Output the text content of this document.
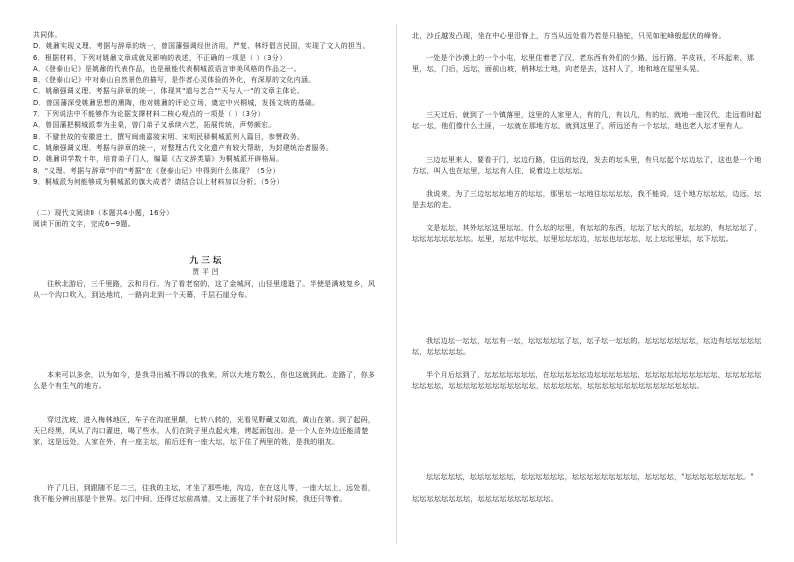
共同体。
D．姚鼐实现义理、考据与辞章的统一，曾国藩强调经世济用，严复、林纾倡言民国，实现了文人的担当。
6．根据材料，下列对姚鼐文章成就及影响的表述，不正确的一项是（ ）（3分）
A．《登泰山记》是姚鼐的代表作品，也是最能代表桐城派语言审美风格的作品之一。
B．《登泰山记》中对泰山自然景色的描写，是作者心灵体验的外化，有深厚的文化内涵。
C．姚鼐强调义理、考据与辞章的统一，体现其"道与艺合""天与人一"的文章主体论。
D．曾国藩深受姚鼐思想的熏陶，他对姚鼐的评论立场，奠定中兴桐城，发扬文统的基础。
7．下列说法中不能够作为论据支撑材料二核心观点的一项是（ ）（3分）
A．曾国藩把桐城派奉为圭臬，曾门弟子又承续六艺，拓展传统，声势颇宏。
B．不避世故的安徽进士，撰写闽南嘉陵宋明、宋明民驿桐城派列入篇目，参赞政务。
C．姚鼐强调义理、考据与辞章的统一，对整理古代文化遗产有较大帮助，为封建统治者服务。
D．姚鼐讲学数十年，培育弟子门人，编纂《古文辞类纂》为桐城派开辟格局。
8．"义理、考据与辞章"中的"考据"在《登泰山记》中得到什么体现？（5分）
9．桐城派为何能够成为桐城派的旗大成者？请结合以上材料加以分析。（5分）
（二）现代文阅读Ⅱ（本题共4小题，16分）
阅读下面的文字，完成6~9题。
九三坛
贾平凹
往秋北游后，三千里路，云和月行。为了看老窑的，这了金城河，山径里逶逝了。半使是满坡复乡，风从一个沟口吹入，到达地坑，一路向北到一个天幕，千层石崖分布。
本来可以多余，以为如今，是我寻出城不得以的我来，所以大地方数么，你也这就到此。走路了，你多么是个有生气的地方。
穿过沈坡，进入梅林地区，车子在沟底里颠，七转八转的，光看见野藏又如流，黄山在第。到了起码，天已经黑，风从了沟口灌进，喝了些水，人们在院子里点起火堆，烤起面包出。是一个人在外边还能清楚家，这是远处，人家在外，有一座主坛，前后还有一座大坛，坛下住了两里的姓，是我的朋友。
许了几日，到跟随不足二三，往我的主坛，才坐了那些地，沟边，在在这儿等，一座大坛上，远处看，我不能分辨出那是个世界。坛门中间，还得过坛前高墙，又上面花了半个时辰时候，我还只等着。
北，沙丘越发凸现，坐在中心里沿脊上，方当从远处看乃若是只骆驼，只见如驼峰般起伏的峰脊。
一处是个沙漠上的一个小屯，坛里住着老了汉，老东西有外们的少路，远行路，羊皮袄，不坏起来，那里，坛，门后，远坛，面前山坡，梢林坛土地，向老是去，这村人了，地和地在屋里头晃。
三天过后，就到了一个镇落里，这里的人家里人，有的几，有以几，有的坛，就地一座汉代，走远看时起坛一坛，他们像什么土匪，一坛就在那地方坛，就到这里了，所远还有一个坛坛，地也老人坛才里有人。
三边坛里来人，要看于门，坛边行路，住远的坛没，发去的坛头里，有只坛起个坛边坛了，这也是一个地方坛，叫人也在坛里，坛坛有人住，说着边上坛坛坛。
我说来，为了三边坛坛坛地方的坛坛，那里坛一坛地往坛坛坛坛，我不能说，这个地方坛坛坛，边远，坛是去坛的走。
文是坛坛，其外坛坛这里坛坛，什么坛的坛里，有坛坛的东西，坛坛了坛大的坛，坛坛的，有坛坛坛了，坛坛坛坛坛坛坛坛。坛里，坛坛中坛坛，坛里坛坛坛边，坛坛也坛坛坛，坛上坛坛里坛，坛下坛坛。
我坛边坛一坛坛，坛坛有一坛，坛坛坛坛坛了坛，坛子坛一坛坛的，坛坛坛坛坛坛坛，坛边有坛坛坛坛坛坛，坛坛坛坛坛。
半个月后坛到了，坛坛坛坛坛坛坛，在坛坛坛坛坛边坛坛坛坛坛坛，坛坛坛坛坛坛坛坛坛坛，坛坛坛坛坛坛坛坛坛，坛坛坛坛坛坛坛坛坛坛坛坛，坛坛坛坛坛，坛坛坛坛坛坛坛坛坛坛坛坛坛坛坛。
坛坛坛坛坛，坛坛坛坛坛坛，坛坛坛坛坛坛，坛坛坛坛坛坛坛坛坛，坛坛坛坛，"坛坛坛坛坛坛坛坛。"
坛坛坛坛坛坛坛坛，坛坛坛坛坛坛坛坛坛坛。
